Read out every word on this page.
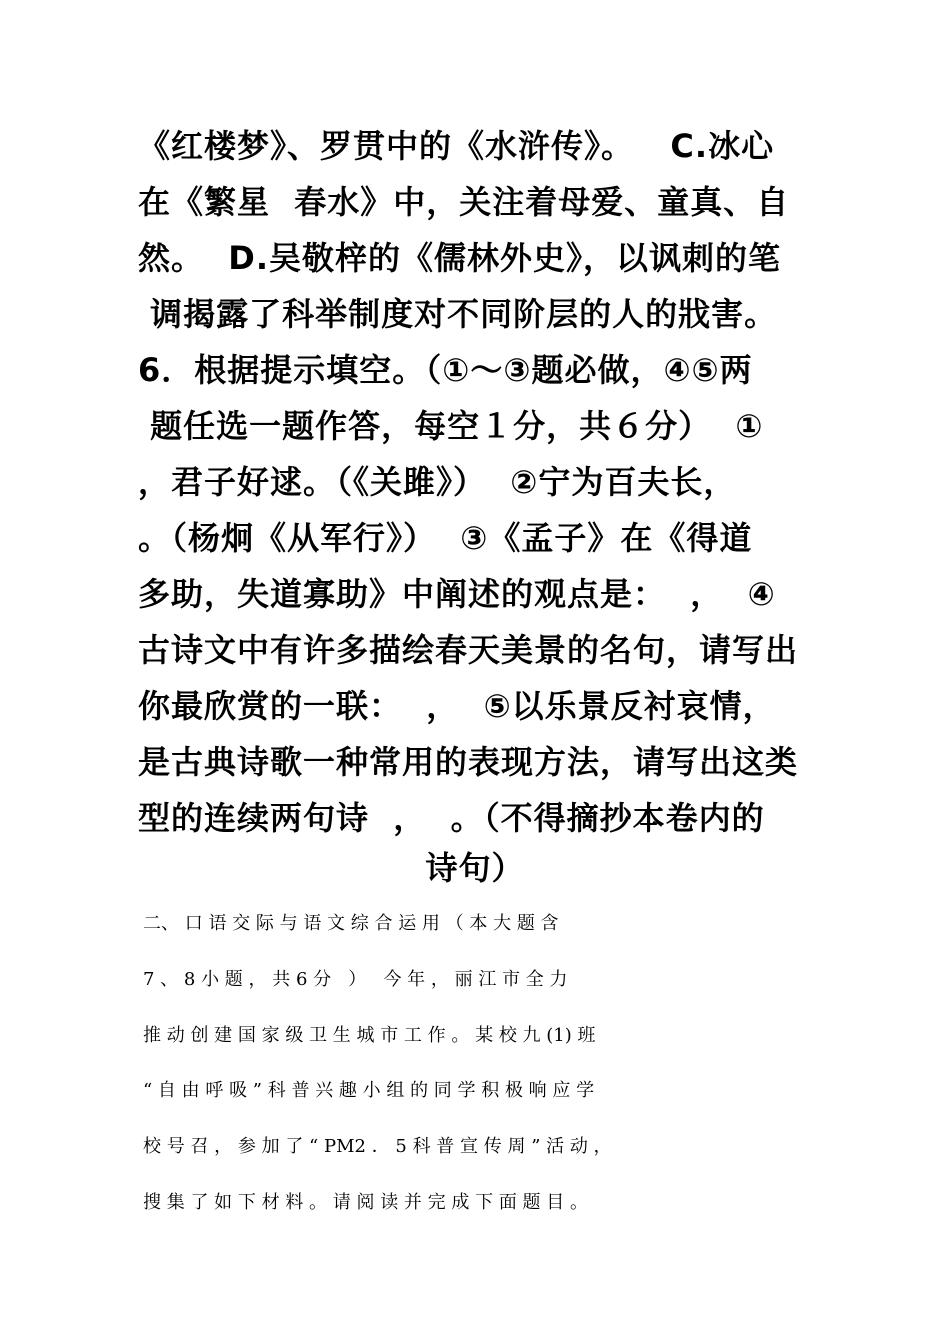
《红楼梦》、罗贯中的《水浒传》。   C.冰心
在《繁星  春水》中，关注着母爱、童真、自
然。  D.吴敬梓的《儒林外史》，以讽刺的笔
调揭露了科举制度对不同阶层的人的戕害。
6．根据提示填空。（①～③题必做，④⑤两
题任选一题作答，每空１分，共６分）  ①
，君子好逑。（《关雎》）  ②宁为百夫长，
。（杨炯《从军行》）  ③《孟子》在《得道
多助，失道寡助》中阐述的观点是：  ，  ④
古诗文中有许多描绘春天美景的名句，请写出
你最欣赏的一联：  ，  ⑤以乐景反衬哀情，
是古典诗歌一种常用的表现方法，请写出这类
型的连续两句诗  ，  。（不得摘抄本卷内的
诗句）
二、 口 语 交 际 与 语 文 综 合 运 用 （ 本 大 题 含
7 、 8 小 题 ， 共 6 分   ）   今 年 ， 丽 江 市 全 力
推 动 创 建 国 家 级 卫 生 城 市 工 作 。 某 校 九 (1) 班
“ 自 由 呼 吸 ” 科 普 兴 趣 小 组 的 同 学 积 极 响 应 学
校 号 召 ， 参 加 了 “ PM2 ． 5 科 普 宣 传 周 ” 活 动 ，
搜 集 了 如 下 材 料 。 请 阅 读 并 完 成 下 面 题 目 。
